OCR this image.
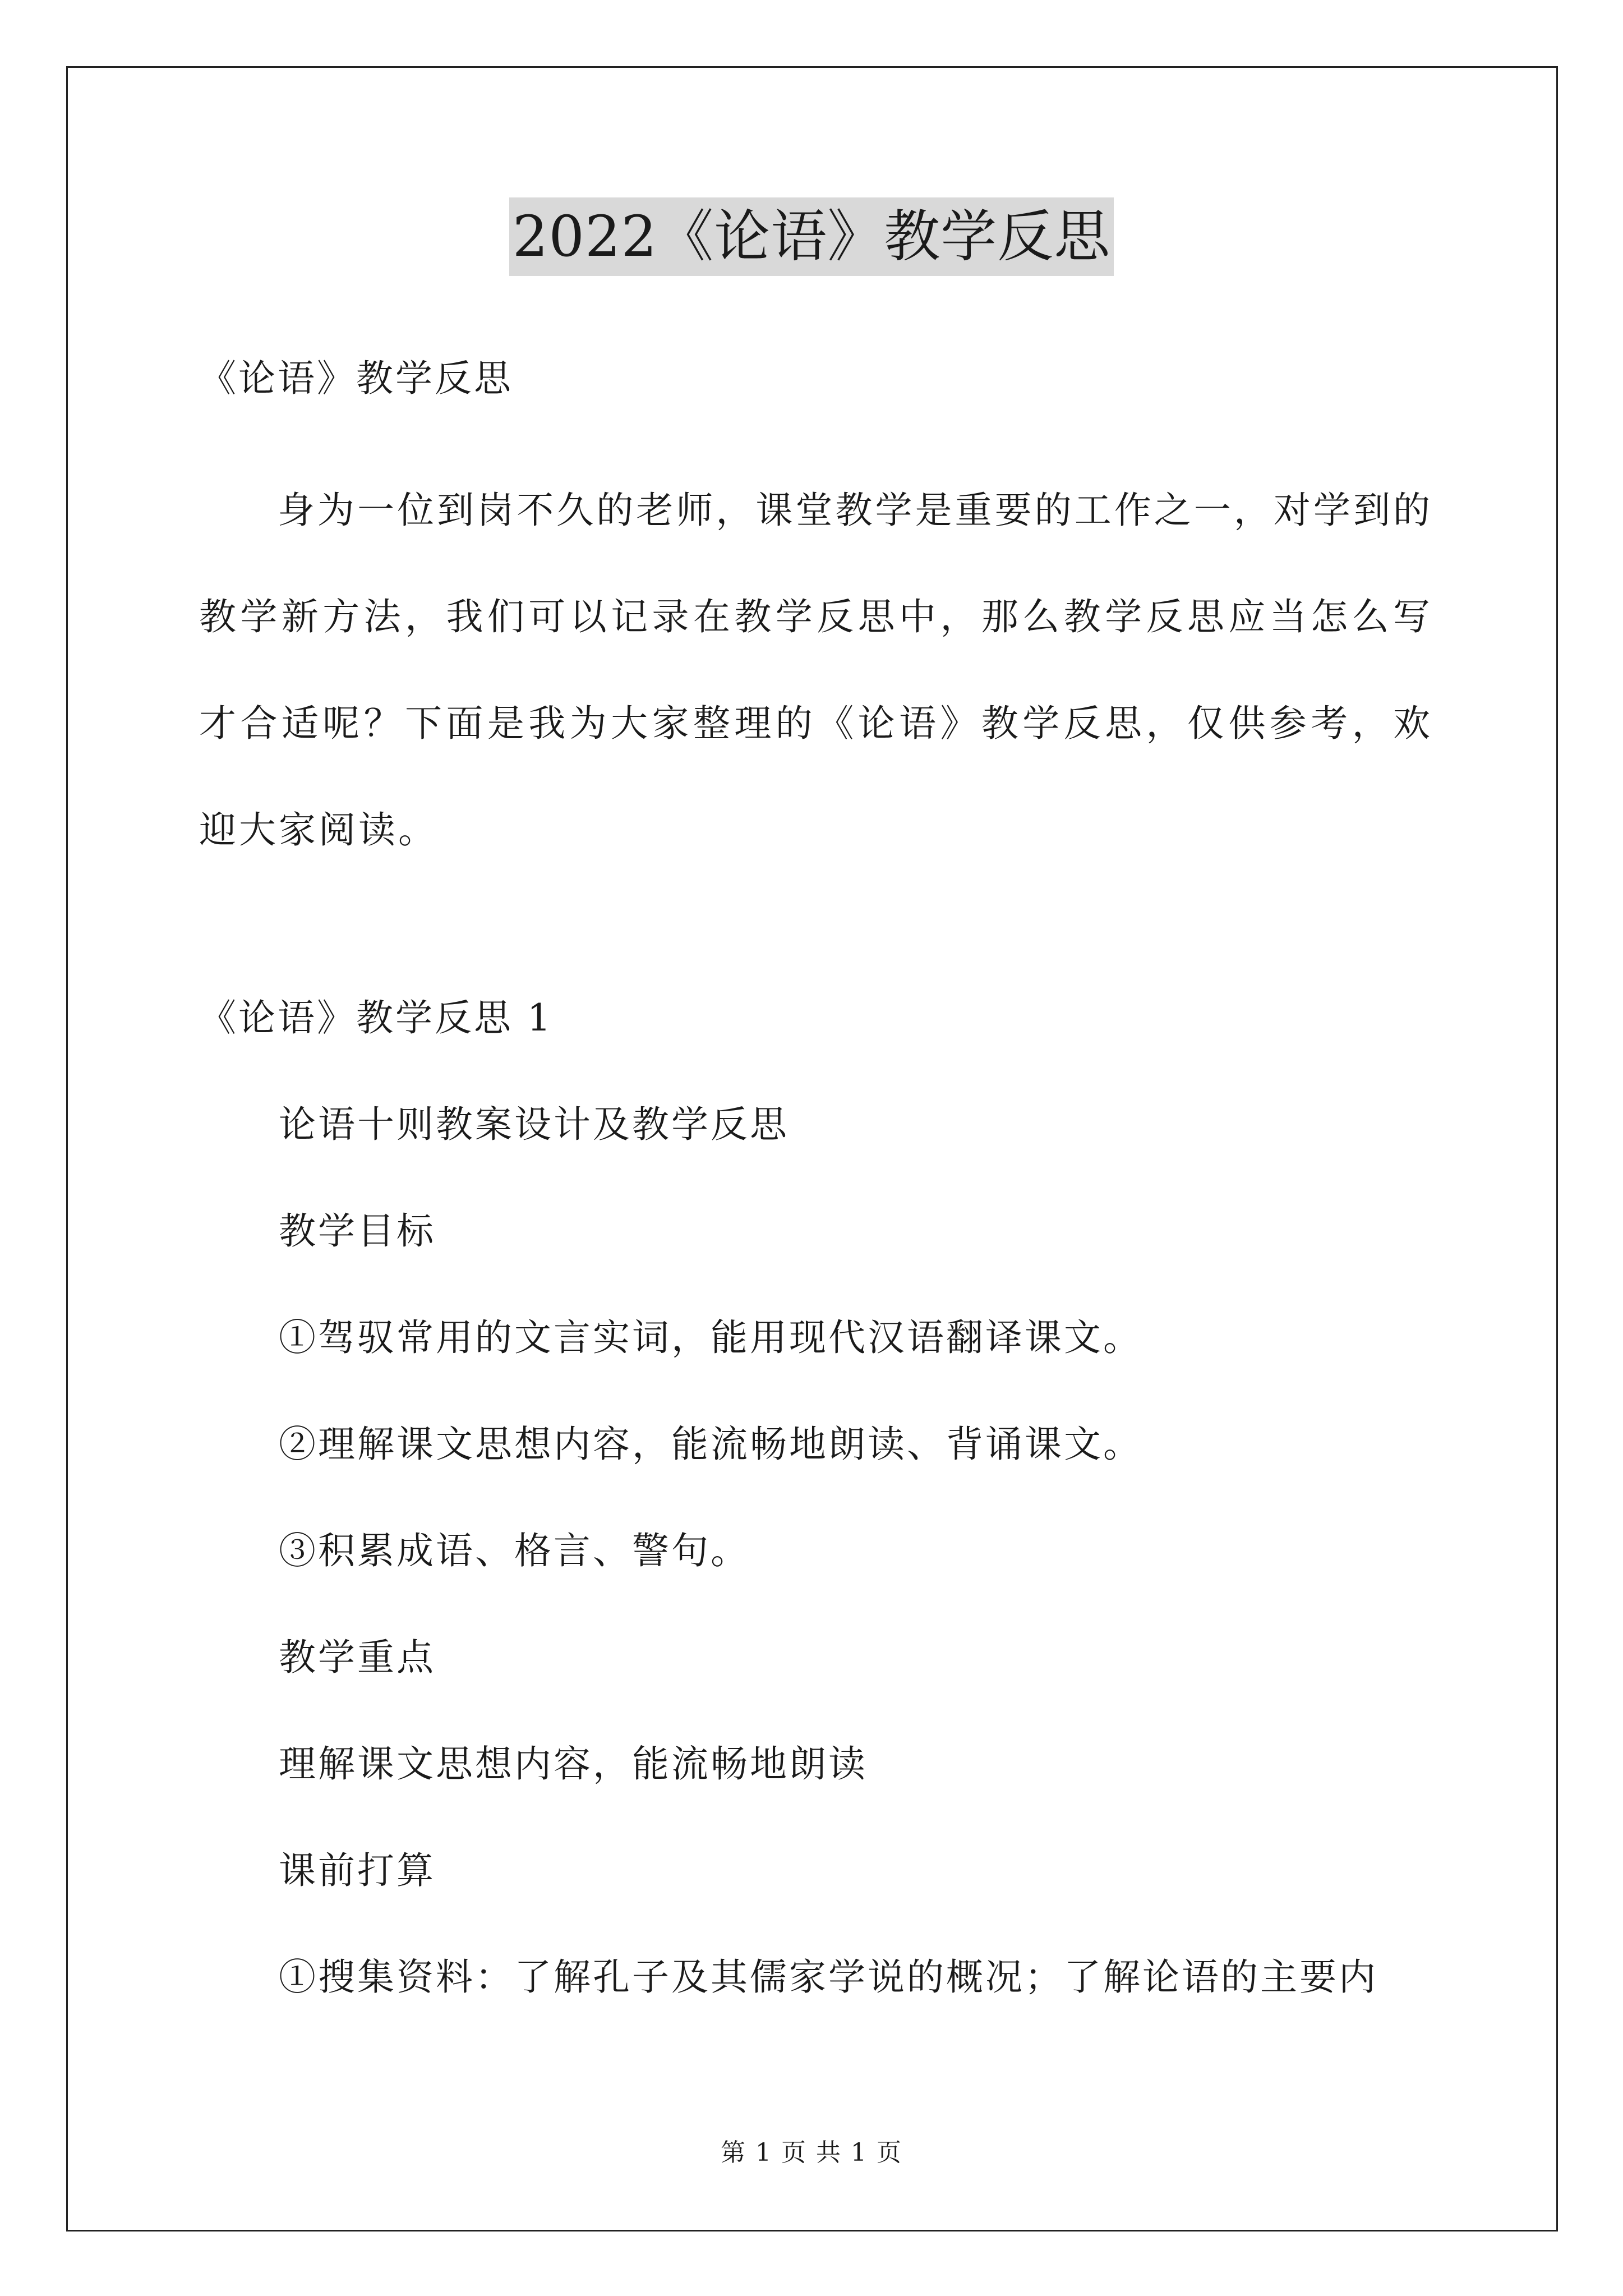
2022《论语》教学反思
《论语》教学反思
身为一位到岗不久的老师，课堂教学是重要的工作之一，对学到的教学新方法，我们可以记录在教学反思中，那么教学反思应当怎么写才合适呢？下面是我为大家整理的《论语》教学反思，仅供参考，欢迎大家阅读。
《论语》教学反思 1
论语十则教案设计及教学反思
教学目标
①驾驭常用的文言实词，能用现代汉语翻译课文。
②理解课文思想内容，能流畅地朗读、背诵课文。
③积累成语、格言、警句。
教学重点
理解课文思想内容，能流畅地朗读
课前打算
①搜集资料：了解孔子及其儒家学说的概况；了解论语的主要内
第 1 页 共 1 页
